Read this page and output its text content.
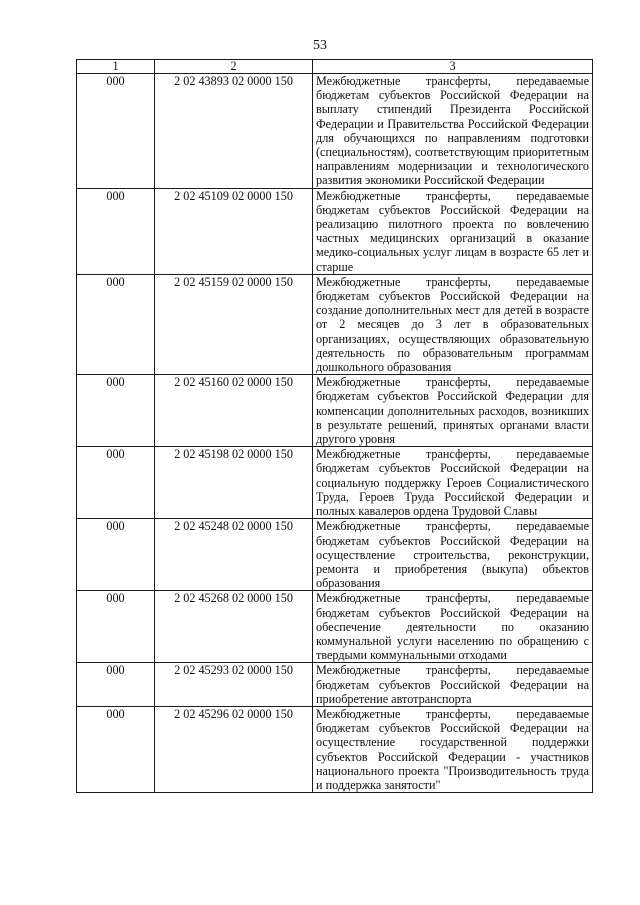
53
1	2	3
000	2 02 43893 02 0000 150	Межбюджетные трансферты, передаваемые бюджетам субъектов Российской Федерации на выплату стипендий Президента Российской Федерации и Правительства Российской Федерации для обучающихся по направлениям подготовки (специальностям), соответствующим приоритетным направлениям модернизации и технологического развития экономики Российской Федерации
000	2 02 45109 02 0000 150	Межбюджетные трансферты, передаваемые бюджетам субъектов Российской Федерации на реализацию пилотного проекта по вовлечению частных медицинских организаций в оказание медико-социальных услуг лицам в возрасте 65 лет и старше
000	2 02 45159 02 0000 150	Межбюджетные трансферты, передаваемые бюджетам субъектов Российской Федерации на создание дополнительных мест для детей в возрасте от 2 месяцев до 3 лет в образовательных организациях, осуществляющих образовательную деятельность по образовательным программам дошкольного образования
000	2 02 45160 02 0000 150	Межбюджетные трансферты, передаваемые бюджетам субъектов Российской Федерации для компенсации дополнительных расходов, возникших в результате решений, принятых органами власти другого уровня
000	2 02 45198 02 0000 150	Межбюджетные трансферты, передаваемые бюджетам субъектов Российской Федерации на социальную поддержку Героев Социалистического Труда, Героев Труда Российской Федерации и полных кавалеров ордена Трудовой Славы
000	2 02 45248 02 0000 150	Межбюджетные трансферты, передаваемые бюджетам субъектов Российской Федерации на осуществление строительства, реконструкции, ремонта и приобретения (выкупа) объектов образования
000	2 02 45268 02 0000 150	Межбюджетные трансферты, передаваемые бюджетам субъектов Российской Федерации на обеспечение деятельности по оказанию коммунальной услуги населению по обращению с твердыми коммунальными отходами
000	2 02 45293 02 0000 150	Межбюджетные трансферты, передаваемые бюджетам субъектов Российской Федерации на приобретение автотранспорта
000	2 02 45296 02 0000 150	Межбюджетные трансферты, передаваемые бюджетам субъектов Российской Федерации на осуществление государственной поддержки субъектов Российской Федерации - участников национального проекта "Производительность труда и поддержка занятости"
